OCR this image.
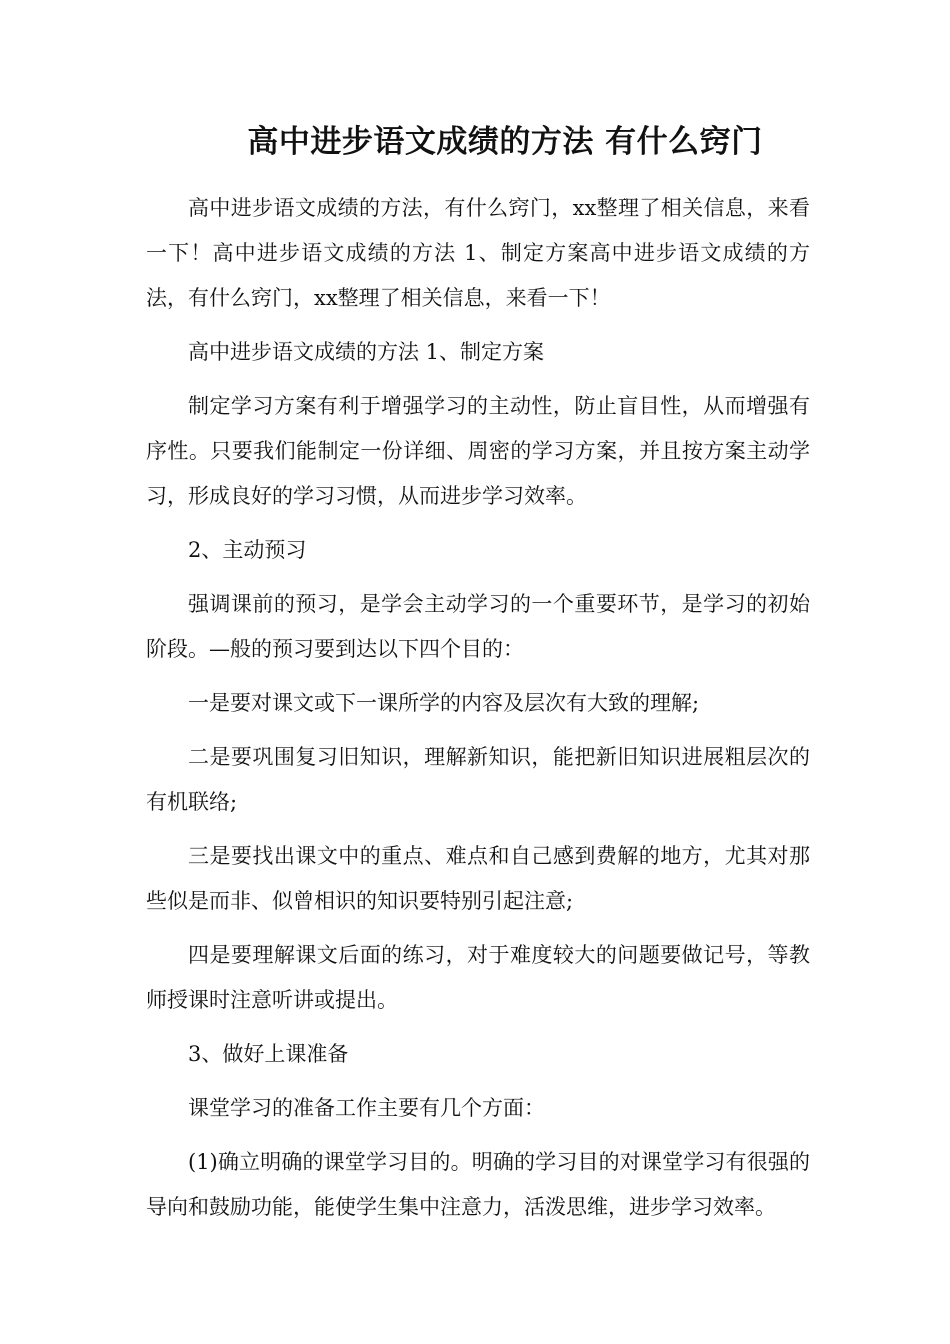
高中进步语文成绩的方法 有什么窍门

高中进步语文成绩的方法，有什么窍门，xx整理了相关信息，来看一下！高中进步语文成绩的方法 1、制定方案高中进步语文成绩的方法，有什么窍门，xx整理了相关信息，来看一下！

高中进步语文成绩的方法 1、制定方案

制定学习方案有利于增强学习的主动性，防止盲目性，从而增强有序性。只要我们能制定一份详细、周密的学习方案，并且按方案主动学习，形成良好的学习习惯，从而进步学习效率。

2、主动预习

强调课前的预习，是学会主动学习的一个重要环节，是学习的初始阶段。—般的预习要到达以下四个目的：

一是要对课文或下一课所学的内容及层次有大致的理解;

二是要巩围复习旧知识，理解新知识，能把新旧知识进展粗层次的有机联络;

三是要找出课文中的重点、难点和自己感到费解的地方，尤其对那些似是而非、似曾相识的知识要特别引起注意;

四是要理解课文后面的练习，对于难度较大的问题要做记号，等教师授课时注意听讲或提出。

3、做好上课准备

课堂学习的准备工作主要有几个方面：

(1)确立明确的课堂学习目的。明确的学习目的对课堂学习有很强的导向和鼓励功能，能使学生集中注意力，活泼思维，进步学习效率。
